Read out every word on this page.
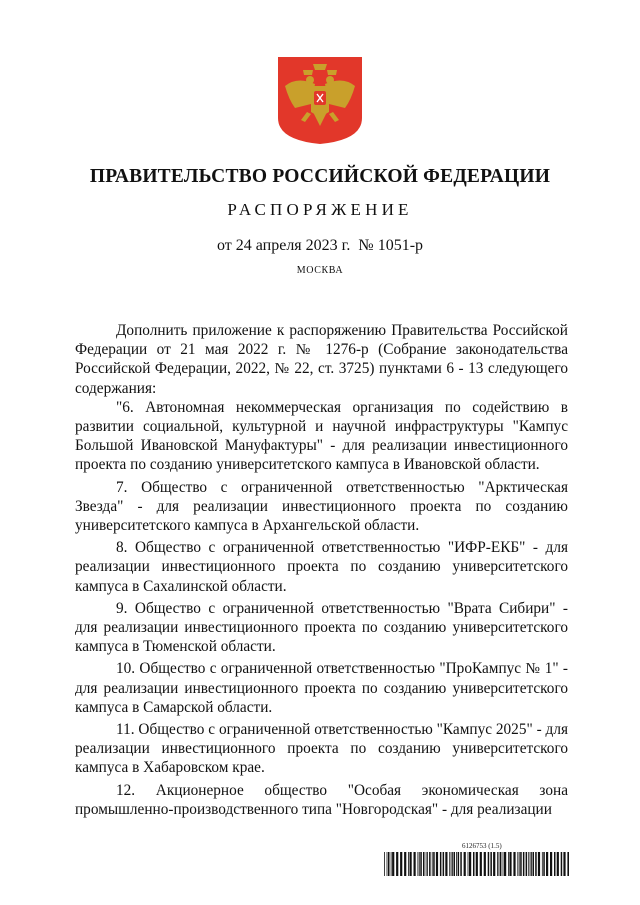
ПРАВИТЕЛЬСТВО РОССИЙСКОЙ ФЕДЕРАЦИИ
РАСПОРЯЖЕНИЕ
от 24 апреля 2023 г.  № 1051-р
МОСКВА

Дополнить приложение к распоряжению Правительства Российской Федерации от 21 мая 2022 г. № 1276-р (Собрание законодательства Российской Федерации, 2022, № 22, ст. 3725) пунктами 6 - 13 следующего содержания:

"6. Автономная некоммерческая организация по содействию в развитии социальной, культурной и научной инфраструктуры "Кампус Большой Ивановской Мануфактуры" - для реализации инвестиционного проекта по созданию университетского кампуса в Ивановской области.

7. Общество с ограниченной ответственностью "Арктическая Звезда" - для реализации инвестиционного проекта по созданию университетского кампуса в Архангельской области.

8. Общество с ограниченной ответственностью "ИФР-ЕКБ" - для реализации инвестиционного проекта по созданию университетского кампуса в Сахалинской области.

9. Общество с ограниченной ответственностью "Врата Сибири" - для реализации инвестиционного проекта по созданию университетского кампуса в Тюменской области.

10. Общество с ограниченной ответственностью "ПроКампус № 1" - для реализации инвестиционного проекта по созданию университетского кампуса в Самарской области.

11. Общество с ограниченной ответственностью "Кампус 2025" - для реализации инвестиционного проекта по созданию университетского кампуса в Хабаровском крае.

12. Акционерное общество "Особая экономическая зона промышленно-производственного типа "Новгородская" - для реализации

6126753 (1.5)
